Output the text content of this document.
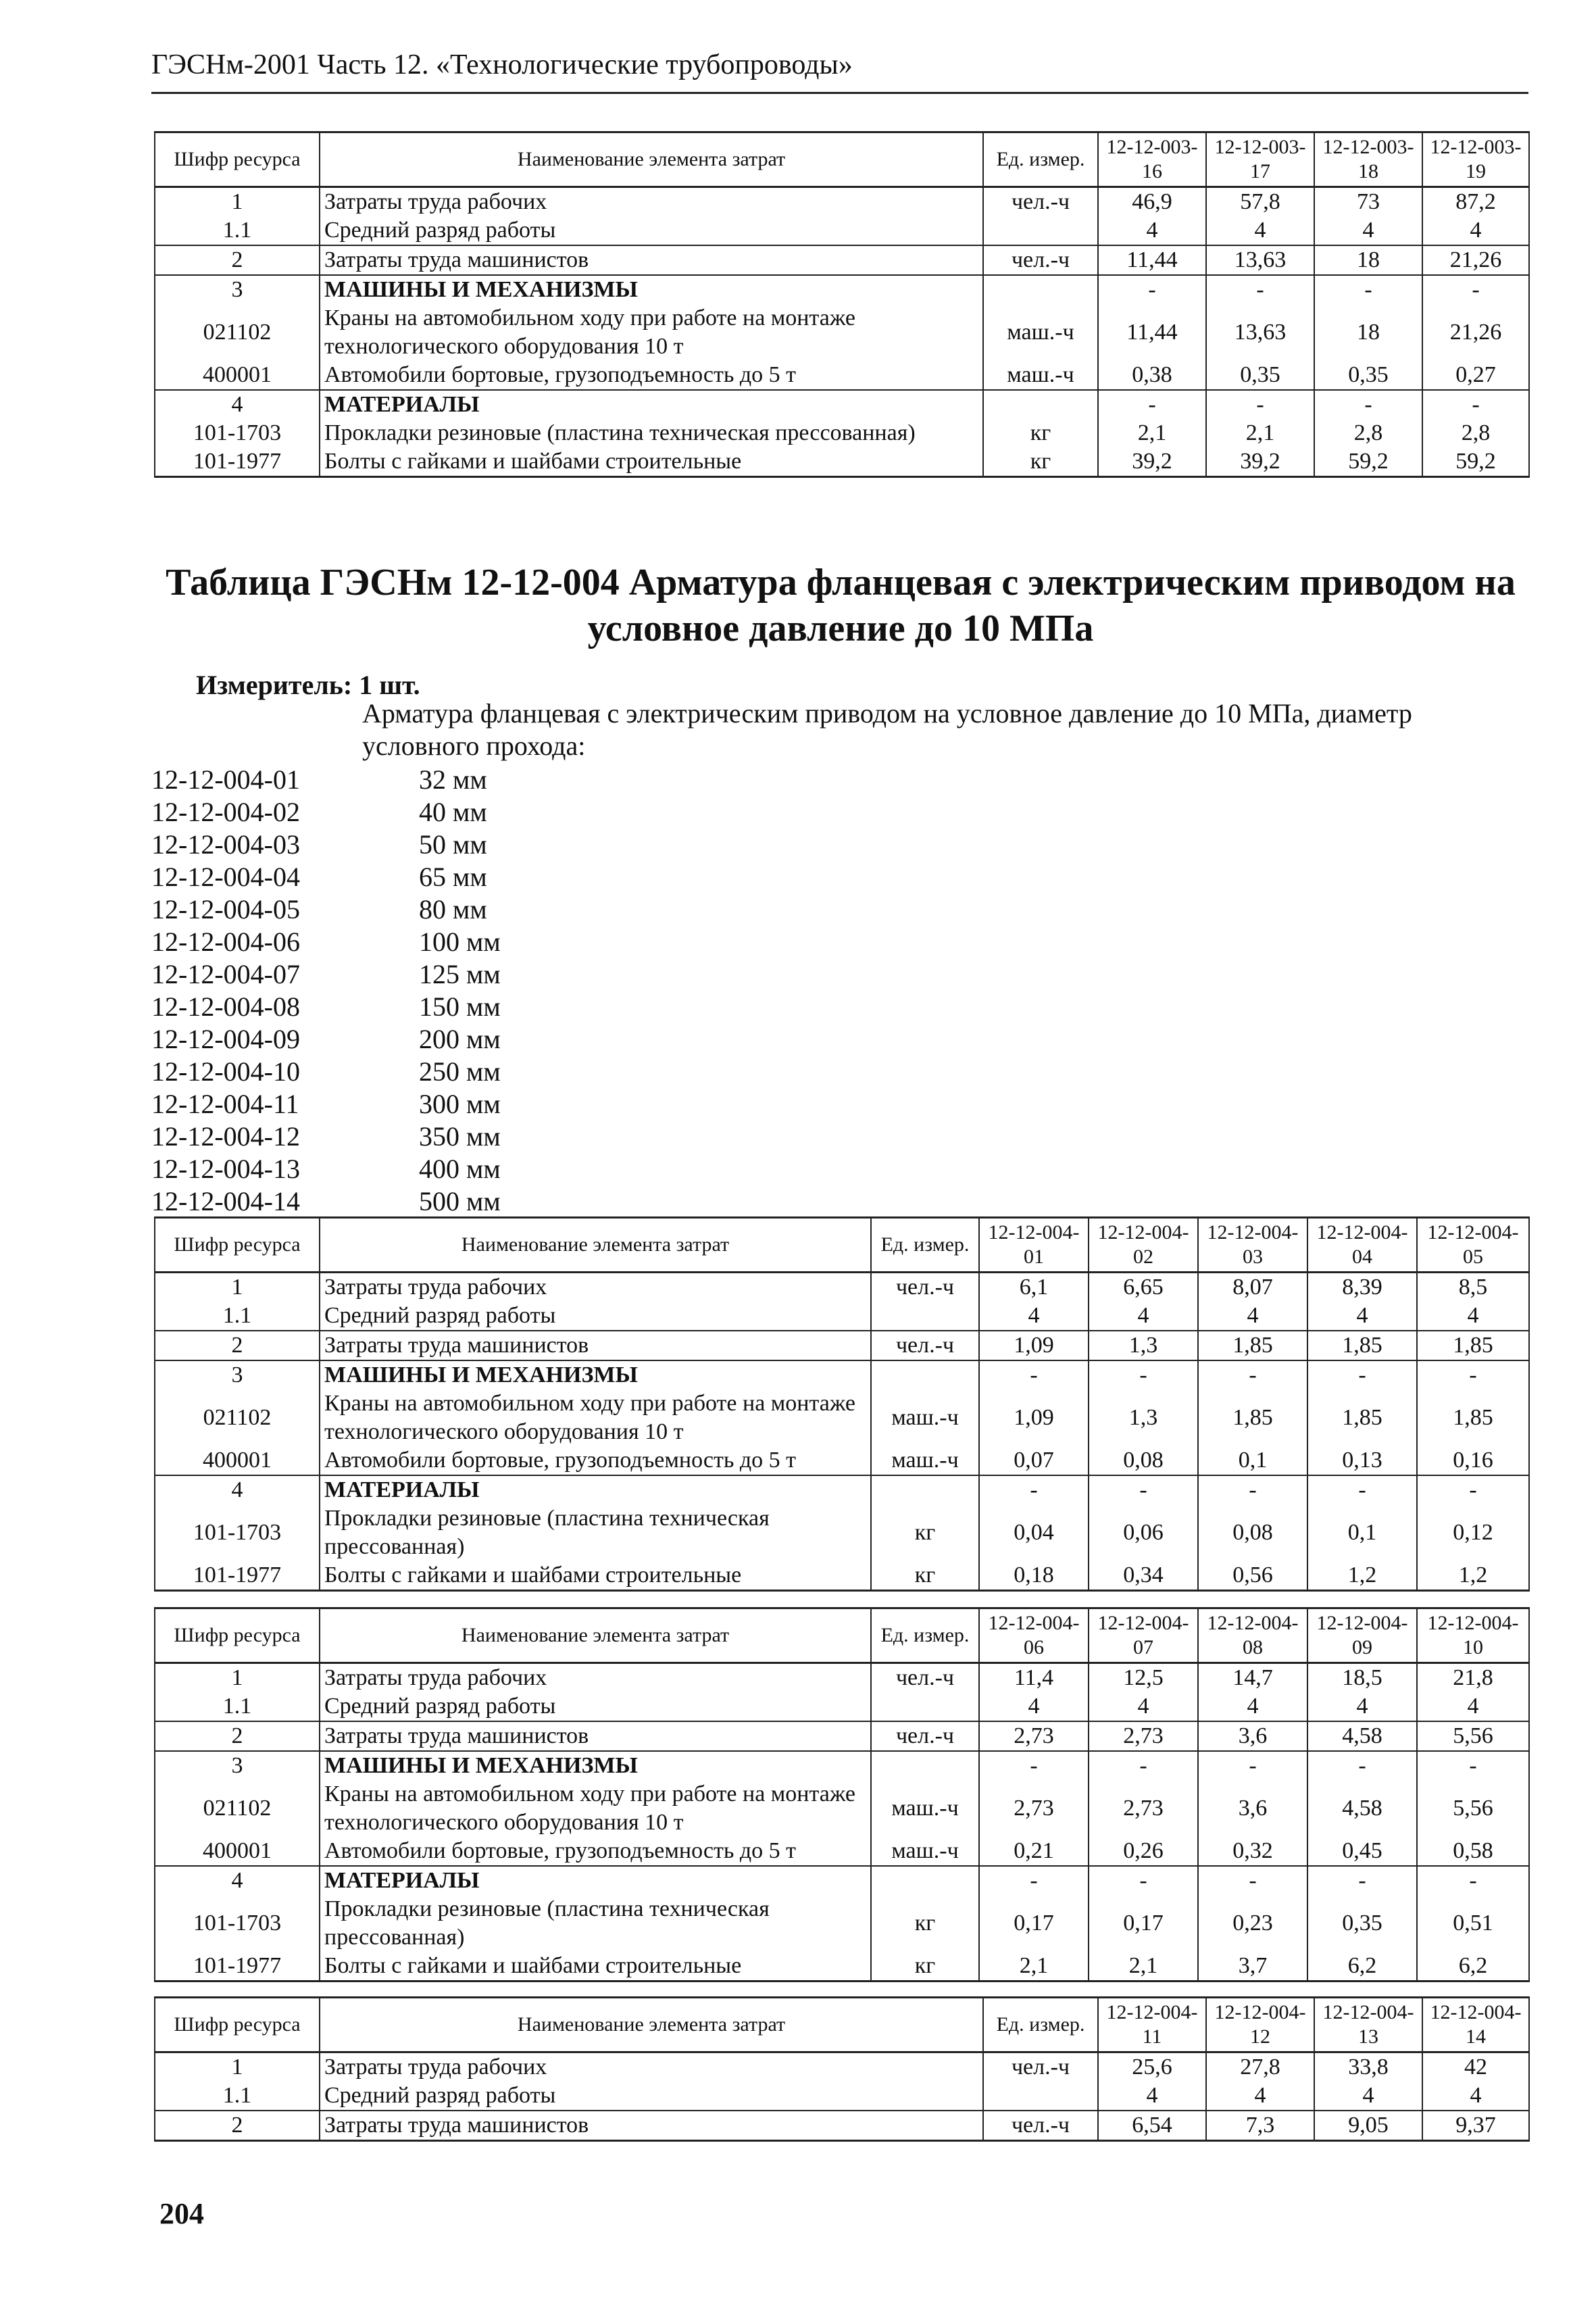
ГЭСНм-2001 Часть 12. «Технологические трубопроводы»
Шифр ресурса	Наименование элемента затрат	Ед. измер.	12-12-003-16	12-12-003-17	12-12-003-18	12-12-003-19
1	Затраты труда рабочих	чел.-ч	46,9	57,8	73	87,2
1.1	Средний разряд работы		4	4	4	4
2	Затраты труда машинистов	чел.-ч	11,44	13,63	18	21,26
3	МАШИНЫ И МЕХАНИЗМЫ		-	-	-	-
021102	Краны на автомобильном ходу при работе на монтаже технологического оборудования 10 т	маш.-ч	11,44	13,63	18	21,26
400001	Автомобили бортовые, грузоподъемность до 5 т	маш.-ч	0,38	0,35	0,35	0,27
4	МАТЕРИАЛЫ		-	-	-	-
101-1703	Прокладки резиновые (пластина техническая прессованная)	кг	2,1	2,1	2,8	2,8
101-1977	Болты с гайками и шайбами строительные	кг	39,2	39,2	59,2	59,2
Таблица ГЭСНм 12-12-004 Арматура фланцевая с электрическим приводом на условное давление до 10 МПа
Измеритель: 1 шт.
Арматура фланцевая с электрическим приводом на условное давление до 10 МПа, диаметр условного прохода:
12-12-004-01	32 мм
12-12-004-02	40 мм
12-12-004-03	50 мм
12-12-004-04	65 мм
12-12-004-05	80 мм
12-12-004-06	100 мм
12-12-004-07	125 мм
12-12-004-08	150 мм
12-12-004-09	200 мм
12-12-004-10	250 мм
12-12-004-11	300 мм
12-12-004-12	350 мм
12-12-004-13	400 мм
12-12-004-14	500 мм
Шифр ресурса	Наименование элемента затрат	Ед. измер.	12-12-004-01	12-12-004-02	12-12-004-03	12-12-004-04	12-12-004-05
1	Затраты труда рабочих	чел.-ч	6,1	6,65	8,07	8,39	8,5
1.1	Средний разряд работы		4	4	4	4	4
2	Затраты труда машинистов	чел.-ч	1,09	1,3	1,85	1,85	1,85
3	МАШИНЫ И МЕХАНИЗМЫ		-	-	-	-	-
021102	Краны на автомобильном ходу при работе на монтаже технологического оборудования 10 т	маш.-ч	1,09	1,3	1,85	1,85	1,85
400001	Автомобили бортовые, грузоподъемность до 5 т	маш.-ч	0,07	0,08	0,1	0,13	0,16
4	МАТЕРИАЛЫ		-	-	-	-	-
101-1703	Прокладки резиновые (пластина техническая прессованная)	кг	0,04	0,06	0,08	0,1	0,12
101-1977	Болты с гайками и шайбами строительные	кг	0,18	0,34	0,56	1,2	1,2
Шифр ресурса	Наименование элемента затрат	Ед. измер.	12-12-004-06	12-12-004-07	12-12-004-08	12-12-004-09	12-12-004-10
1	Затраты труда рабочих	чел.-ч	11,4	12,5	14,7	18,5	21,8
1.1	Средний разряд работы		4	4	4	4	4
2	Затраты труда машинистов	чел.-ч	2,73	2,73	3,6	4,58	5,56
3	МАШИНЫ И МЕХАНИЗМЫ		-	-	-	-	-
021102	Краны на автомобильном ходу при работе на монтаже технологического оборудования 10 т	маш.-ч	2,73	2,73	3,6	4,58	5,56
400001	Автомобили бортовые, грузоподъемность до 5 т	маш.-ч	0,21	0,26	0,32	0,45	0,58
4	МАТЕРИАЛЫ		-	-	-	-	-
101-1703	Прокладки резиновые (пластина техническая прессованная)	кг	0,17	0,17	0,23	0,35	0,51
101-1977	Болты с гайками и шайбами строительные	кг	2,1	2,1	3,7	6,2	6,2
Шифр ресурса	Наименование элемента затрат	Ед. измер.	12-12-004-11	12-12-004-12	12-12-004-13	12-12-004-14
1	Затраты труда рабочих	чел.-ч	25,6	27,8	33,8	42
1.1	Средний разряд работы		4	4	4	4
2	Затраты труда машинистов	чел.-ч	6,54	7,3	9,05	9,37
204
